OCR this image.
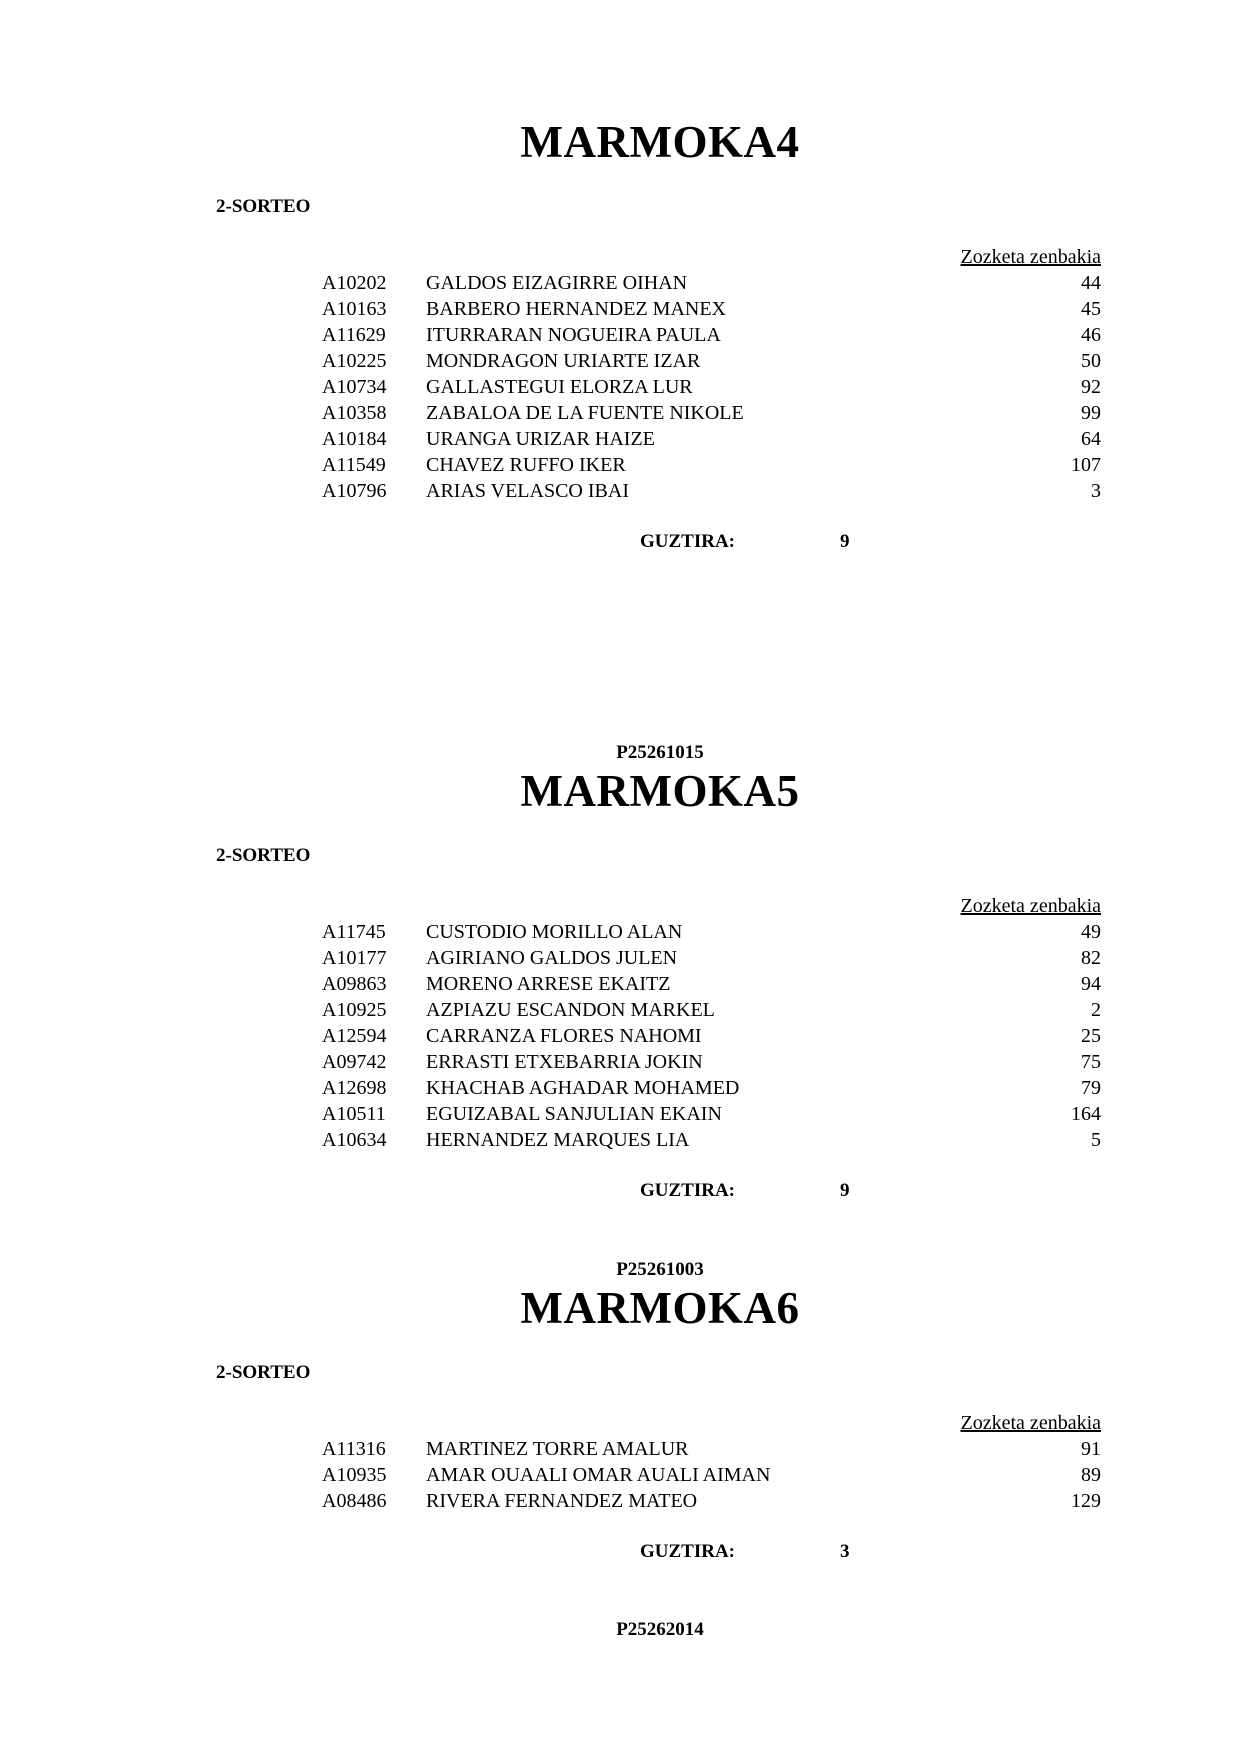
MARMOKA4
2-SORTEO
Zozketa zenbakia
A10202 GALDOS EIZAGIRRE OIHAN	44
A10163 BARBERO HERNANDEZ MANEX	45
A11629 ITURRARAN NOGUEIRA PAULA	46
A10225 MONDRAGON URIARTE IZAR	50
A10734 GALLASTEGUI ELORZA LUR	92
A10358 ZABALOA DE LA FUENTE NIKOLE	99
A10184 URANGA URIZAR HAIZE	64
A11549 CHAVEZ RUFFO IKER	107
A10796 ARIAS VELASCO IBAI	3
GUZTIRA:	9
P25261015
MARMOKA5
2-SORTEO
Zozketa zenbakia
A11745 CUSTODIO MORILLO ALAN	49
A10177 AGIRIANO GALDOS JULEN	82
A09863 MORENO ARRESE EKAITZ	94
A10925 AZPIAZU ESCANDON MARKEL	2
A12594 CARRANZA FLORES NAHOMI	25
A09742 ERRASTI ETXEBARRIA JOKIN	75
A12698 KHACHAB AGHADAR MOHAMED	79
A10511 EGUIZABAL SANJULIAN EKAIN	164
A10634 HERNANDEZ MARQUES LIA	5
GUZTIRA:	9
P25261003
MARMOKA6
2-SORTEO
Zozketa zenbakia
A11316 MARTINEZ TORRE AMALUR	91
A10935 AMAR OUAALI OMAR AUALI AIMAN	89
A08486 RIVERA FERNANDEZ MATEO	129
GUZTIRA:	3
P25262014
